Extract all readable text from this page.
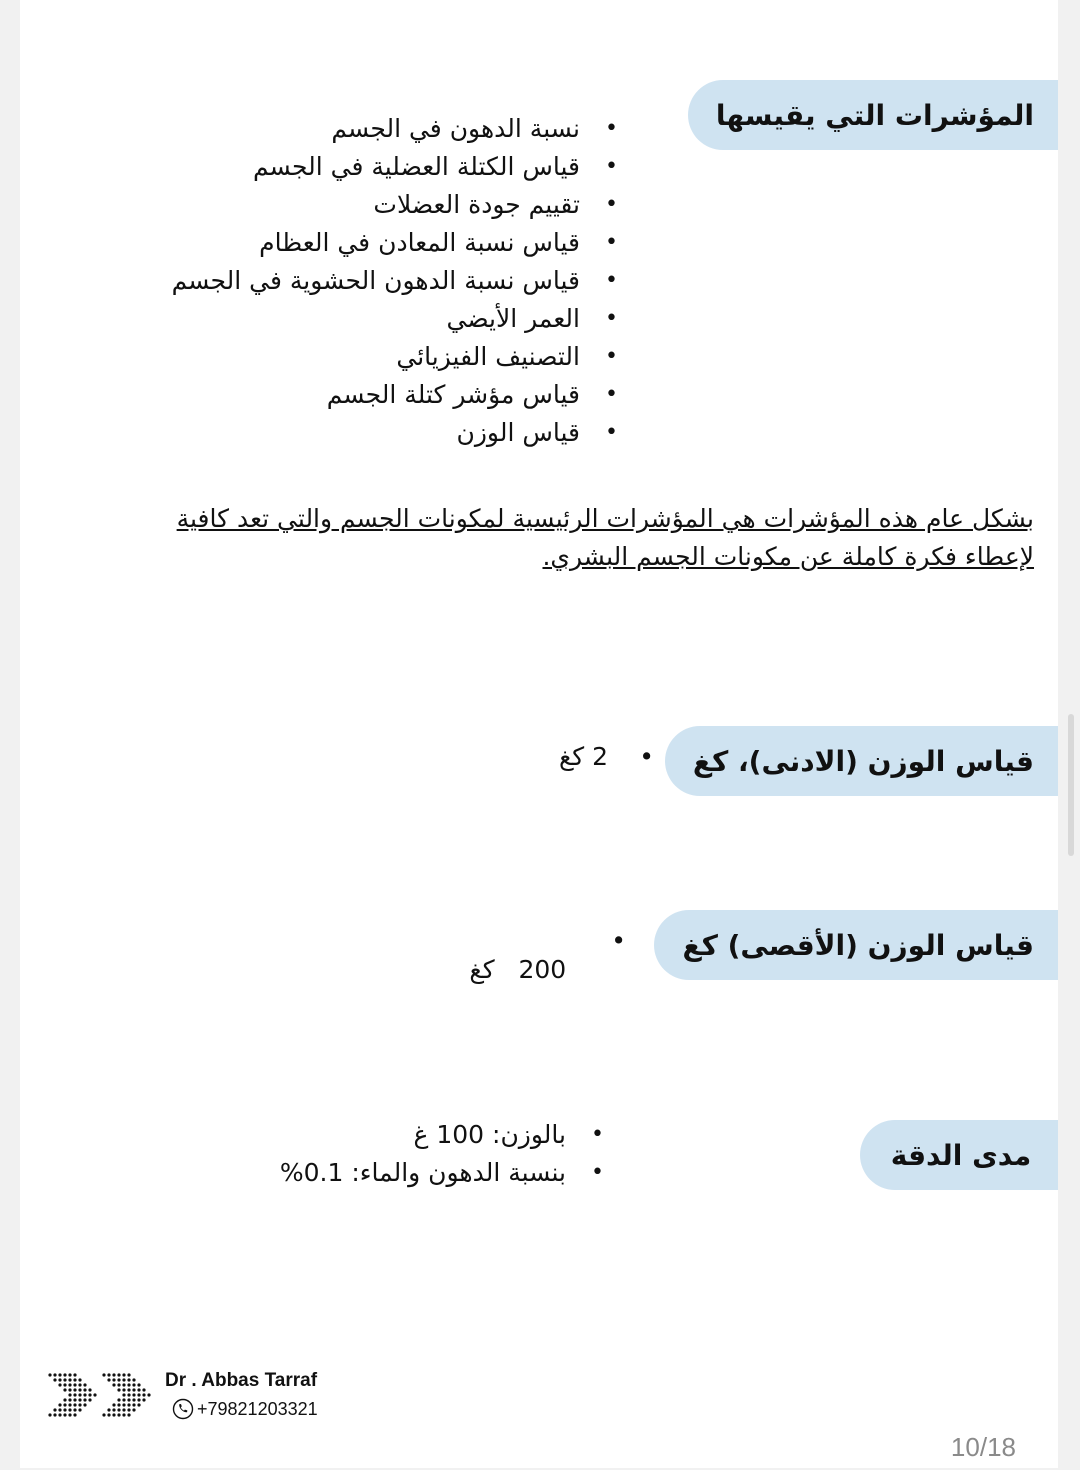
المؤشرات التي يقيسها
• نسبة الدهون في الجسم
• قياس الكتلة العضلية في الجسم
• تقييم جودة العضلات
• قياس نسبة المعادن في العظام
• قياس نسبة الدهون الحشوية في الجسم
• العمر الأيضي
• التصنيف الفيزيائي
• قياس مؤشر كتلة الجسم
• قياس الوزن
بشكل عام هذه المؤشرات هي المؤشرات الرئيسية لمكونات الجسم والتي تعد كافية لإعطاء فكرة كاملة عن مكونات الجسم البشري.
قياس الوزن (الادنى)، كغ
2 كغ •
قياس الوزن (الأقصى) كغ

200   كغ

•

مدى الدقة
• بالوزن: 100 غ
• بنسبة الدهون والماء: 0.1%
Dr . Abbas Tarraf
+79821203321
10/18
